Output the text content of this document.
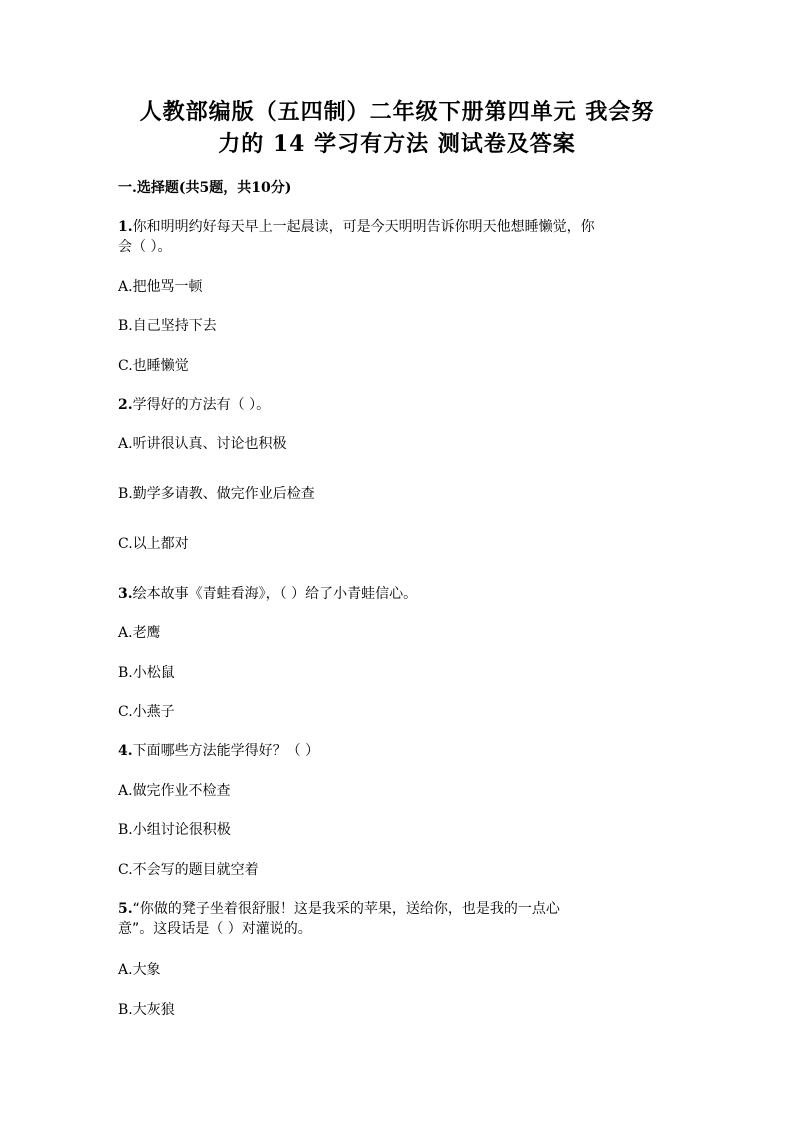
人教部编版（五四制）二年级下册第四单元 我会努
力的 14 学习有方法 测试卷及答案
一.选择题(共5题，共10分)
1.你和明明约好每天早上一起晨读，可是今天明明告诉你明天他想睡懒觉，你
会（ ）。
A.把他骂一顿
B.自己坚持下去
C.也睡懒觉
2.学得好的方法有（ ）。
A.听讲很认真、讨论也积极
B.勤学多请教、做完作业后检查
C.以上都对
3.绘本故事《青蛙看海》，（ ）给了小青蛙信心。
A.老鹰
B.小松鼠
C.小燕子
4.下面哪些方法能学得好？（ ）
A.做完作业不检查
B.小组讨论很积极
C.不会写的题目就空着
5.“你做的凳子坐着很舒服！这是我采的苹果，送给你，也是我的一点心
意”。这段话是（ ）对灌说的。
A.大象
B.大灰狼
